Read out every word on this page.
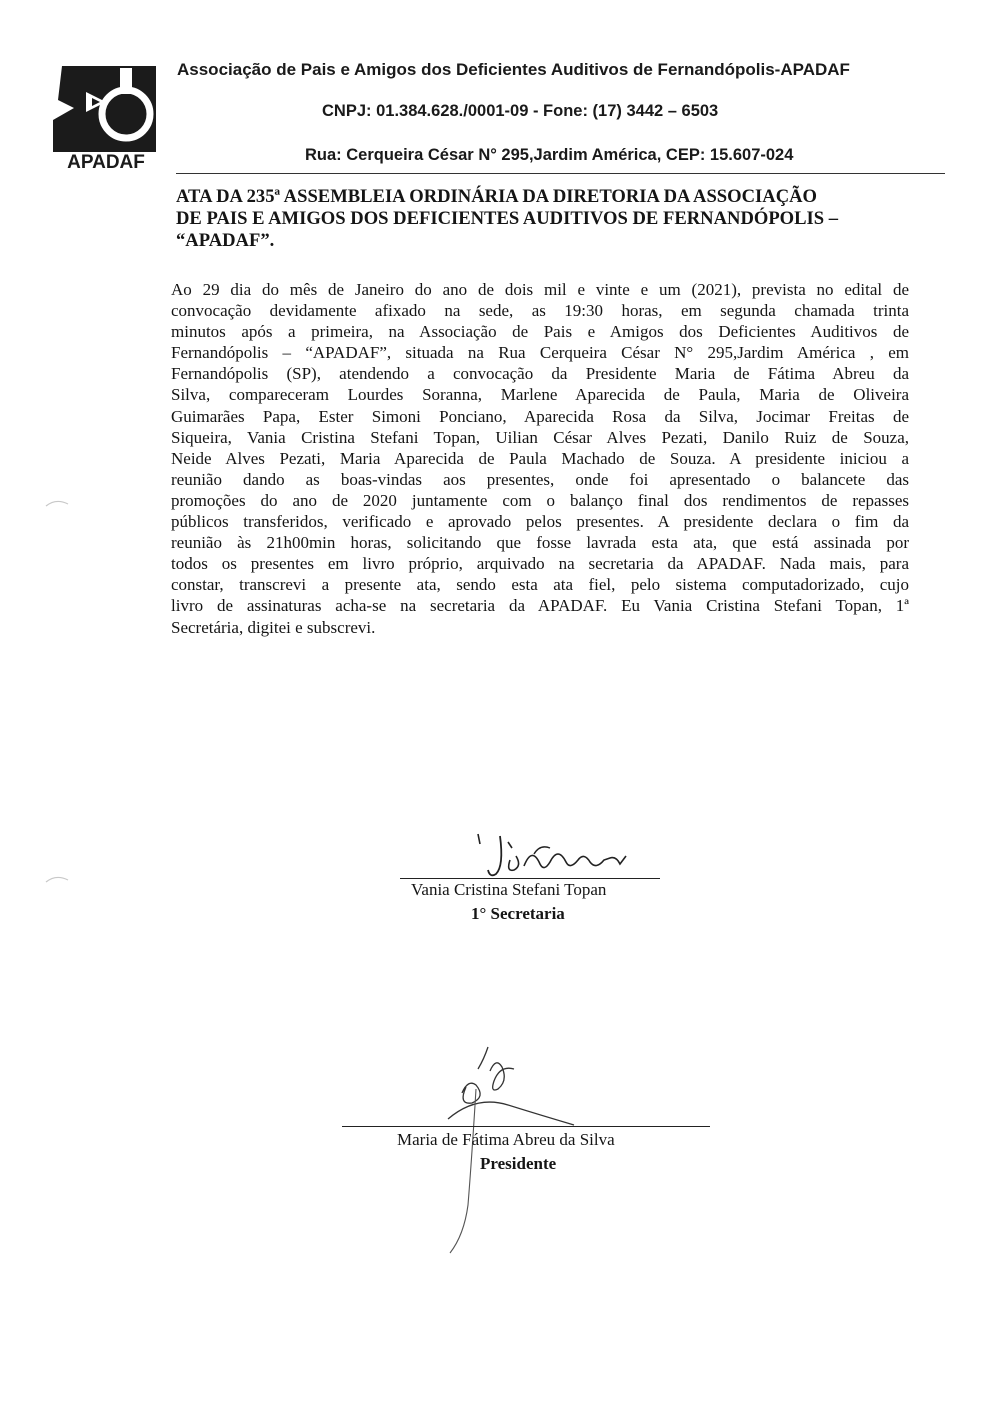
APADAF
Associação de Pais e Amigos dos Deficientes Auditivos de Fernandópolis-APADAF
CNPJ: 01.384.628./0001-09 - Fone: (17) 3442 – 6503
Rua: Cerqueira César N° 295,Jardim América, CEP: 15.607-024
ATA DA 235ª ASSEMBLEIA ORDINÁRIA DA DIRETORIA DA ASSOCIAÇÃO
DE PAIS E AMIGOS DOS DEFICIENTES AUDITIVOS DE FERNANDÓPOLIS –
“APADAF”.
Ao 29 dia do mês de Janeiro do ano de dois mil e vinte e um (2021), prevista no edital de
convocação devidamente afixado na sede, as 19:30 horas, em segunda chamada trinta
minutos após a primeira, na Associação de Pais e Amigos dos Deficientes Auditivos de
Fernandópolis – “APADAF”, situada na Rua Cerqueira César N° 295,Jardim América , em
Fernandópolis (SP), atendendo a convocação da Presidente Maria de Fátima Abreu da
Silva, compareceram Lourdes Soranna, Marlene Aparecida de Paula, Maria de Oliveira
Guimarães Papa, Ester Simoni Ponciano, Aparecida Rosa da Silva, Jocimar Freitas de
Siqueira, Vania Cristina Stefani Topan, Uilian César Alves Pezati, Danilo Ruiz de Souza,
Neide Alves Pezati, Maria Aparecida de Paula Machado de Souza. A presidente iniciou a
reunião dando as boas-vindas aos presentes, onde foi apresentado o balancete das
promoções do ano de 2020 juntamente com o balanço final dos rendimentos de repasses
públicos transferidos, verificado e aprovado pelos presentes. A presidente declara o fim da
reunião às 21h00min horas, solicitando que fosse lavrada esta ata, que está assinada por
todos os presentes em livro próprio, arquivado na secretaria da APADAF. Nada mais, para
constar, transcrevi a presente ata, sendo esta ata fiel, pelo sistema computadorizado, cujo
livro de assinaturas acha-se na secretaria da APADAF. Eu Vania Cristina Stefani Topan, 1ª
Secretária, digitei e subscrevi.
Vania Cristina Stefani Topan
1° Secretaria
Maria de Fátima Abreu da Silva
Presidente
